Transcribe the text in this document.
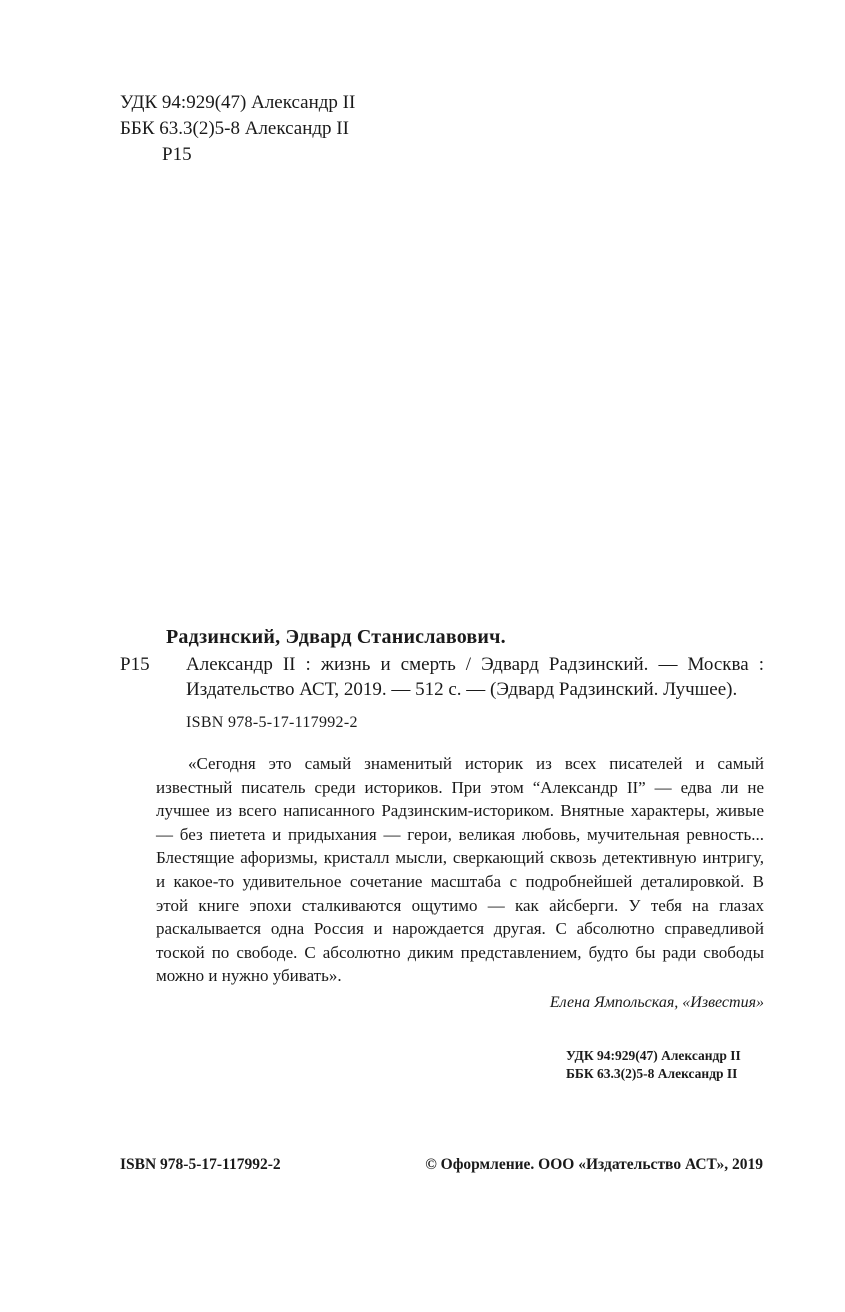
УДК 94:929(47) Александр II
ББК 63.3(2)5-8 Александр II
Р15
Радзинский, Эдвард Станиславович.
Р15 Александр II : жизнь и смерть / Эдвард Радзинский. — Москва : Издательство АСТ, 2019. — 512 с. — (Эдвард Радзинский. Лучшее).
ISBN 978-5-17-117992-2
«Сегодня это самый знаменитый историк из всех писателей и самый известный писатель среди историков. При этом “Александр II” — едва ли не лучшее из всего написанного Радзинским-историком. Внятные характеры, живые — без пиетета и придыхания — герои, великая любовь, мучительная ревность... Блестящие афоризмы, кристалл мысли, сверкающий сквозь детективную интригу, и какое-то удивительное сочетание масштаба с подробнейшей деталировкой. В этой книге эпохи сталкиваются ощутимо — как айсберги. У тебя на глазах раскалывается одна Россия и нарождается другая. С абсолютно справедливой тоской по свободе. С абсолютно диким представлением, будто бы ради свободы можно и нужно убивать».
Елена Ямпольская, «Известия»
УДК 94:929(47) Александр II
ББК 63.3(2)5-8 Александр II
ISBN 978-5-17-117992-2	© Оформление. ООО «Издательство АСТ», 2019
